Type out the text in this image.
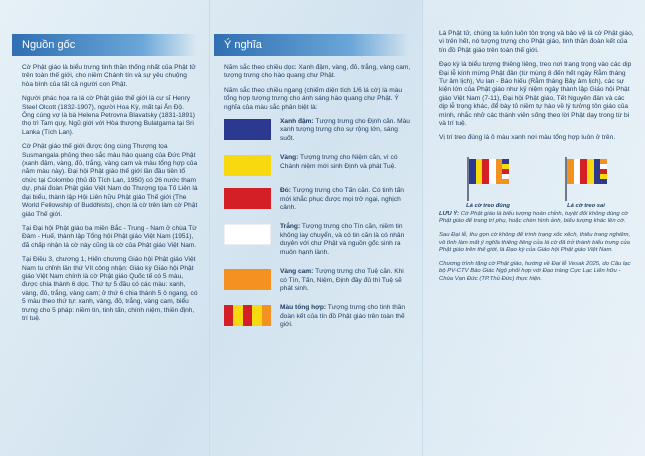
Nguồn gốc

Cờ Phật giáo là biểu trưng tinh thần thống nhất của Phật tử trên toàn thế giới, cho niềm Chánh tín và sự yêu chuộng hòa bình của tất cả người con Phật.

Người phác họa ra lá cờ Phật giáo thế giới là cư sĩ Henry Steel Olcott (1832-1907), người Hoa Kỳ, mất tại Ấn Độ. Ông cùng vợ là bà Helena Petrovna Blavatsky (1831-1891) thọ trì Tam quy, Ngũ giới với Hòa thượng Bulatgama tại Sri Lanka (Tích Lan).

Cờ Phật giáo thế giới được ông cùng Thượng tọa Susmangala phỏng theo sắc màu hào quang của Đức Phật (xanh đậm, vàng, đỏ, trắng, vàng cam và màu tổng hợp của năm màu này). Đại hội Phật giáo thế giới lần đầu tiên tổ chức tại Colombo (thủ đô Tích Lan, 1950) có 26 nước tham dự, phái đoàn Phật giáo Việt Nam do Thượng tọa Tố Liên là đại biểu, thành lập Hội Liên hữu Phật giáo Thế giới (The World Fellowship of Buddhists), chọn lá cờ trên làm cờ Phật giáo Thế giới.

Tại Đại hội Phật giáo ba miền Bắc - Trung - Nam ở chùa Từ Đàm - Huế, thành lập Tổng hội Phật giáo Việt Nam (1951), đã chấp nhận lá cờ này cũng là cờ của Phật giáo Việt Nam.

Tại Điều 3, chương 1, Hiến chương Giáo hội Phật giáo Việt Nam tu chỉnh lần thứ VII công nhận: Giáo kỳ Giáo hội Phật giáo Việt Nam chính là cờ Phật giáo Quốc tế có 5 màu, được chia thành 6 dọc. Thứ tự 5 đầu có các màu: xanh, vàng, đỏ, trắng, vàng cam; ở thứ 6 chia thành 5 ô ngang, có 5 màu theo thứ tự: xanh, vàng, đỏ, trắng, vàng cam, biểu trưng cho 5 pháp: niềm tin, tinh tấn, chính niệm, thiền định, trí tuệ.

Ý nghĩa

Năm sắc theo chiều dọc: Xanh đậm, vàng, đỏ, trắng, vàng cam, tượng trưng cho hào quang chư Phật.

Năm sắc theo chiều ngang (chiếm diện tích 1/6 lá cờ) là màu tổng hợp tượng trưng cho ánh sáng hào quang chư Phật. Ý nghĩa của màu sắc phân biệt là:

Xanh đậm: Tượng trưng cho Định căn. Màu xanh tượng trưng cho sự rộng lớn, sáng suốt.
Vàng: Tượng trưng cho Niệm căn, vì có Chánh niệm mới sinh Định và phát Tuệ.
Đỏ: Tượng trưng cho Tấn căn. Có tinh tấn mới khắc phục được mọi trở ngại, nghịch cảnh.
Trắng: Tượng trưng cho Tín căn, niềm tin không lay chuyển, và có tin căn là có nhân duyên với chư Phật và nguồn gốc sinh ra muôn hạnh lành.
Vàng cam: Tượng trưng cho Tuệ căn. Khi có Tín, Tấn, Niệm, Định đầy đủ thì Tuệ sẽ phát sinh.
Màu tổng hợp: Tượng trưng cho tinh thần đoàn kết của tín đồ Phật giáo trên toàn thế giới.

Là Phật tử, chúng ta luôn luôn tôn trọng và bảo vệ lá cờ Phật giáo, vì trên hết, nó tượng trưng cho Phật giáo, tinh thần đoàn kết của tín đồ Phật giáo trên toàn thế giới.

Đạo kỳ là biểu tượng thiêng liêng, treo nơi trang trọng vào các dịp Đại lễ kính mừng Phật đản (từ mùng 8 đến hết ngày Rằm tháng Tư âm lịch), Vu lan - Báo hiếu (Rằm tháng Bảy âm lịch), các sự kiện lớn của Phật giáo như kỷ niệm ngày thành lập Giáo hội Phật giáo Việt Nam (7-11), Đại hội Phật giáo, Tết Nguyên đán và các dịp lễ trọng khác, để bày tỏ niềm tự hào về lý tưởng tôn giáo của mình, nhắc nhở các thành viên sống theo lời Phật dạy trong từ bi và trí tuệ.

Vị trí treo đúng là ô màu xanh nơi màu tổng hợp luôn ở trên.

Lá cờ treo đúng	Lá cờ treo sai

LƯU Ý: Cờ Phật giáo là biểu tượng hoàn chỉnh, tuyệt đối không dùng cờ Phật giáo để trang trí phụ, hoặc chèn hình ảnh, biểu tượng khác lên cờ.

Sau Đại lễ, thu gọn cờ không để trình trạng xốc xếch, thiếu trang nghiêm, vô tình làm mất ý nghĩa thiêng liêng của lá cờ đã trở thành biểu trưng của Phật giáo trên thế giới, là Đạo kỳ của Giáo hội Phật giáo Việt Nam.

Chương trình tặng cờ Phật giáo, hướng về Đại lễ Vesak 2025, do Câu lạc bộ PV-CTV Báo Giác Ngộ phối hợp với Đạo tràng Cực Lạc Liên hữu - Chùa Vạn Đức (TP.Thủ Đức) thực hiện.
